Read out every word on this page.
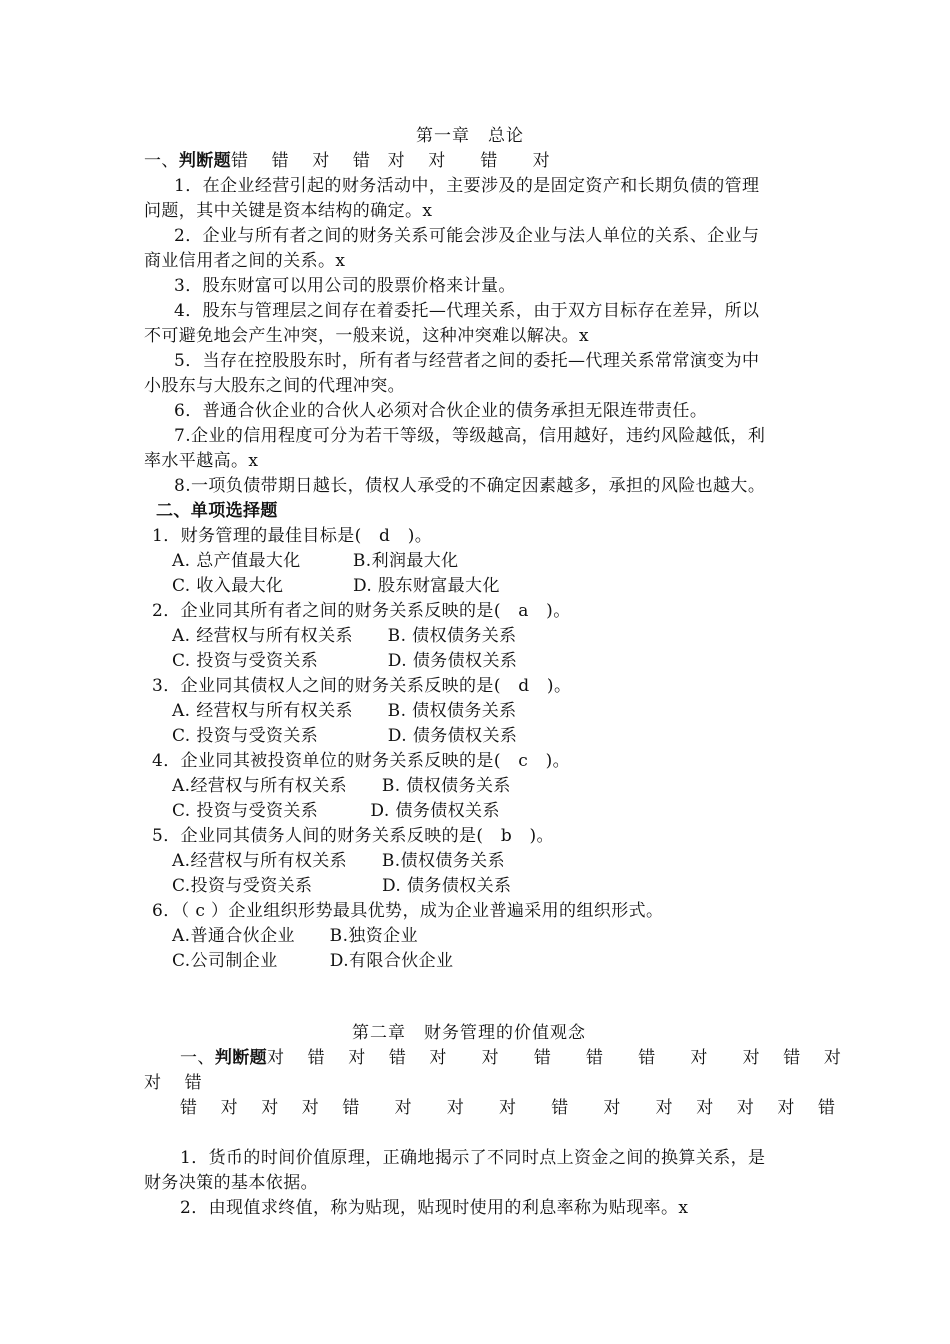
第一章　总论
一、判断题错　 错　 对　 错　对　 对　　错　　对
1．在企业经营引起的财务活动中，主要涉及的是固定资产和长期负债的管理
问题，其中关键是资本结构的确定。x
2．企业与所有者之间的财务关系可能会涉及企业与法人单位的关系、企业与
商业信用者之间的关系。x
3．股东财富可以用公司的股票价格来计量。
4．股东与管理层之间存在着委托—代理关系，由于双方目标存在差异，所以
不可避免地会产生冲突，一般来说，这种冲突难以解决。x
5．当存在控股股东时，所有者与经营者之间的委托—代理关系常常演变为中
小股东与大股东之间的代理冲突。
6．普通合伙企业的合伙人必须对合伙企业的债务承担无限连带责任。
7.企业的信用程度可分为若干等级，等级越高，信用越好，违约风险越低，利
率水平越高。x
8.一项负债带期日越长，债权人承受的不确定因素越多，承担的风险也越大。
二、单项选择题
1．财务管理的最佳目标是(　d　)。
A. 总产值最大化　　　B.利润最大化
C. 收入最大化　　　　D. 股东财富最大化
2．企业同其所有者之间的财务关系反映的是(　a　)。
A. 经营权与所有权关系　　B. 债权债务关系
C. 投资与受资关系　　　　D. 债务债权关系
3．企业同其债权人之间的财务关系反映的是(　d　)。
A. 经营权与所有权关系　　B. 债权债务关系
C. 投资与受资关系　　　　D. 债务债权关系
4．企业同其被投资单位的财务关系反映的是(　c　)。
A.经营权与所有权关系　　B. 债权债务关系
C. 投资与受资关系　　　D. 债务债权关系
5．企业同其债务人间的财务关系反映的是(　b　)。
A.经营权与所有权关系　　B.债权债务关系
C.投资与受资关系　　　　D. 债务债权关系
6．（ c ）企业组织形势最具优势，成为企业普遍采用的组织形式。
A.普通合伙企业　　B.独资企业
C.公司制企业　　　D.有限合伙企业
第二章　财务管理的价值观念
一、判断题对　 错　 对　 错　 对　　对　　错　　错　　错　　对　　对　 错　 对
对　 错
错　 对　 对　 对　 错　　对　　对　　对　　错　　对　　对　 对　 对　 对　 错
1．货币的时间价值原理，正确地揭示了不同时点上资金之间的换算关系，是
财务决策的基本依据。
2．由现值求终值，称为贴现，贴现时使用的利息率称为贴现率。x
